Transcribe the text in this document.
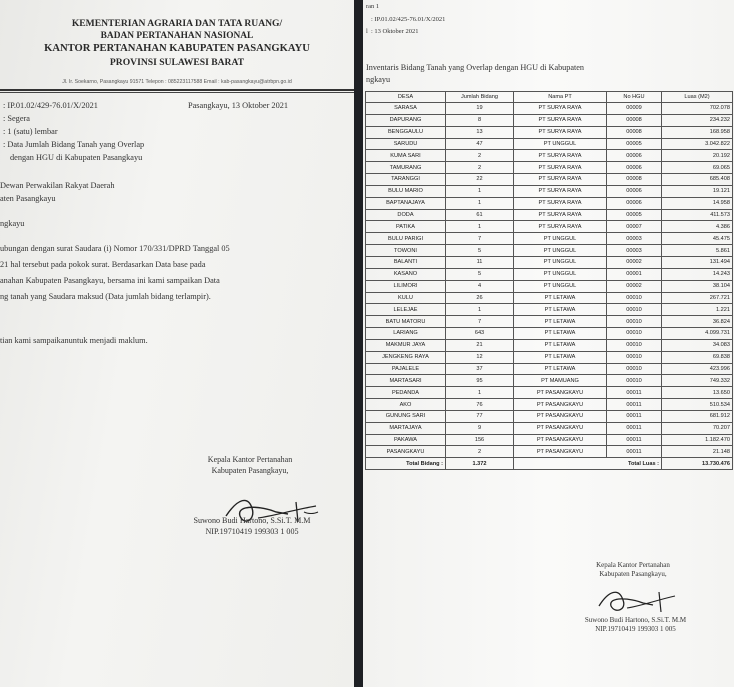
KEMENTERIAN AGRARIA DAN TATA RUANG/
BADAN PERTANAHAN NASIONAL
KANTOR PERTANAHAN KABUPATEN PASANGKAYU
PROVINSI SULAWESI BARAT
Jl. Ir. Soekarno, Pasangkayu 91571 Telepon : 085223117588 Email : kab-pasangkayu@atrbpn.go.id
: IP.01.02/429-76.01/X/2021	Pasangkayu, 13 Oktober 2021
: Segera
: 1 (satu) lembar
: Data Jumlah Bidang Tanah yang Overlap
dengan HGU di Kabupaten Pasangkayu
Dewan Perwakilan Rakyat Daerah
aten Pasangkayu
ngkayu
ubungan dengan surat Saudara (i) Nomor 170/331/DPRD Tanggal 05
21 hal tersebut pada pokok surat. Berdasarkan Data base pada
anahan Kabupaten Pasangkayu, bersama ini kami sampaikan Data
ng tanah yang Saudara maksud (Data jumlah bidang terlampir).
tian kami sampaikanuntuk menjadi maklum.
Kepala Kantor Pertanahan
Kabupaten Pasangkayu,
Suwono Budi Hartono, S.Si.T. M.M
NIP.19710419 199303 1 005
ran 1
: IP.01.02/425-76.01/X/2021
l : 13 Oktober 2021
Inventaris Bidang Tanah yang Overlap dengan HGU di Kabupaten
ngkayu
DESA	Jumlah Bidang	Nama PT	No HGU	Luas (M2)
SARASA	19	PT SURYA RAYA	00009	702.078
DAPURANG	8	PT SURYA RAYA	00008	234.232
BENGGAULU	13	PT SURYA RAYA	00008	168.958
SARUDU	47	PT UNGGUL	00005	3.042.822
KUMA SARI	2	PT SURYA RAYA	00006	20.192
TAMURANG	2	PT SURYA RAYA	00006	69.065
TARANGGI	22	PT SURYA RAYA	00008	685.408
BULU MARIO	1	PT SURYA RAYA	00006	19.121
BAPTANAJAYA	1	PT SURYA RAYA	00006	14.958
DODA	61	PT SURYA RAYA	00005	411.573
PATIKA	1	PT SURYA RAYA	00007	4.386
BULU PARIGI	7	PT UNGGUL	00003	45.475
TOWONI	5	PT UNGGUL	00003	5.861
BALANTI	11	PT UNGGUL	00002	131.494
KASANO	5	PT UNGGUL	00001	14.243
LILIMORI	4	PT UNGGUL	00002	38.104
KULU	26	PT LETAWA	00010	267.721
LELEJAE	1	PT LETAWA	00010	1.221
BATU MATORU	7	PT LETAWA	00010	36.824
LARIANG	643	PT LETAWA	00010	4.099.731
MAKMUR JAYA	21	PT LETAWA	00010	34.083
JENGKENG RAYA	12	PT LETAWA	00010	69.838
PAJALELE	37	PT LETAWA	00010	423.996
MARTASARI	95	PT MAMUANG	00010	749.332
PEDANDA	1	PT PASANGKAYU	00011	13.650
AKO	76	PT PASANGKAYU	00011	510.534
GUNUNG SARI	77	PT PASANGKAYU	00011	681.912
MARTAJAYA	9	PT PASANGKAYU	00011	70.207
PAKAWA	156	PT PASANGKAYU	00011	1.182.470
PASANGKAYU	2	PT PASANGKAYU	00011	21.148
Total Bidang :	1.372	Total Luas :		13.730.476
Kepala Kantor Pertanahan
Kabupaten Pasangkayu,
Suwono Budi Hartono, S.Si.T. M.M
NIP.19710419 199303 1 005
